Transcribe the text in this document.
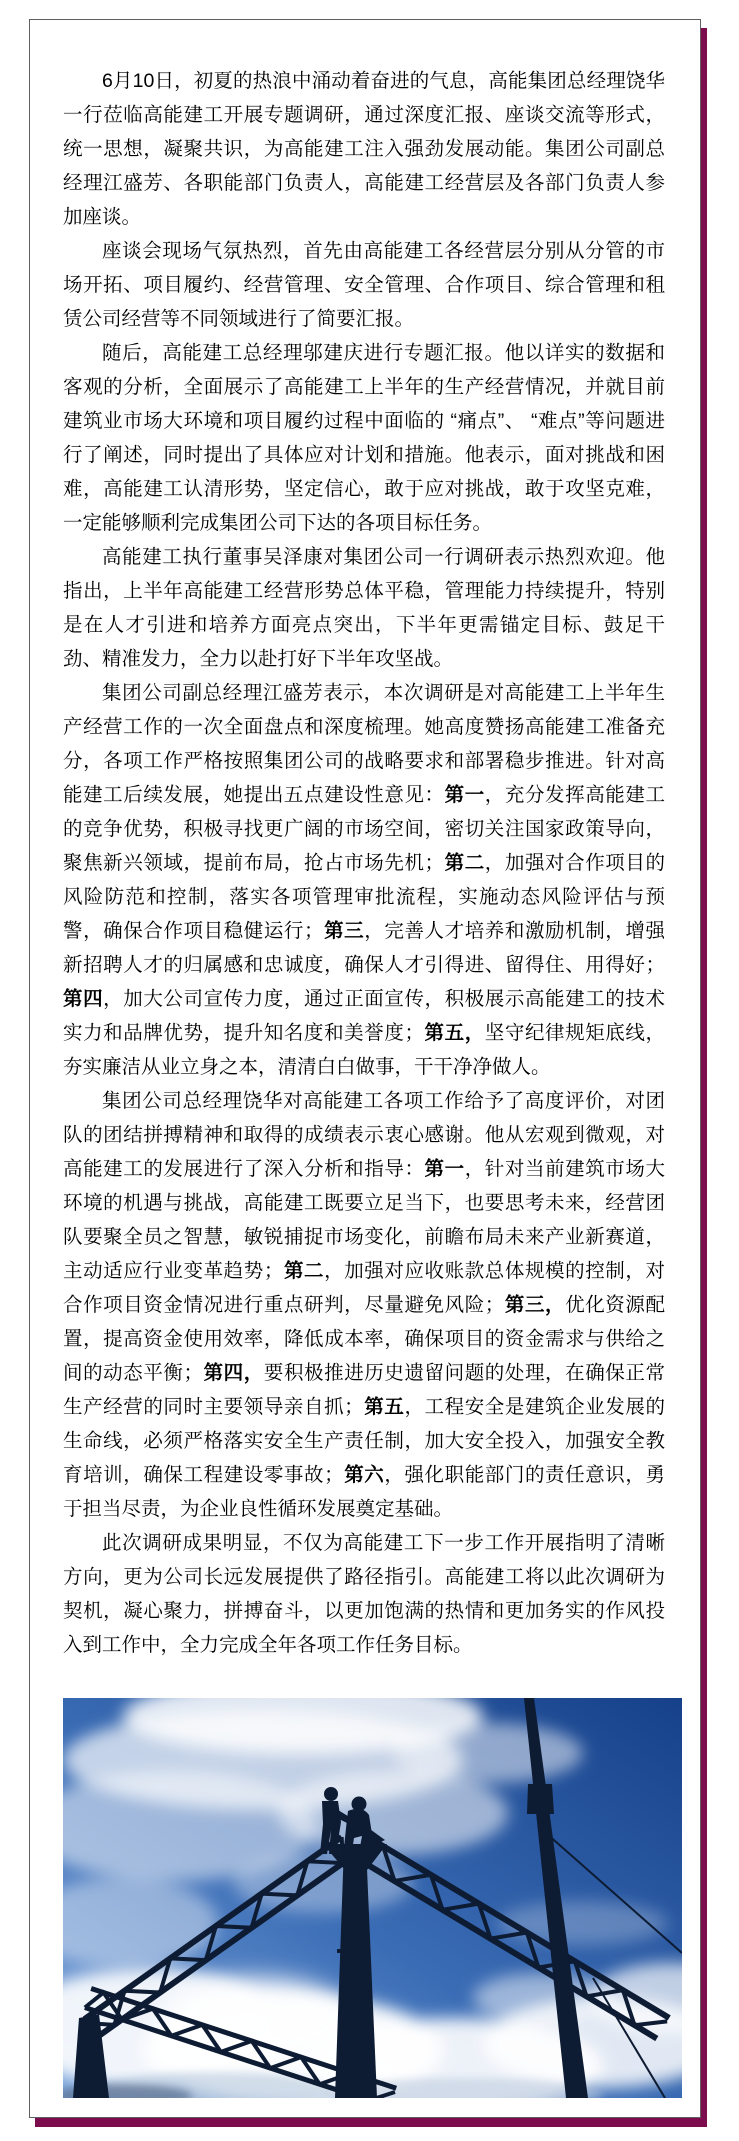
6月10日，初夏的热浪中涌动着奋进的气息，高能集团总经理饶华一行莅临高能建工开展专题调研，通过深度汇报、座谈交流等形式，统一思想，凝聚共识，为高能建工注入强劲发展动能。集团公司副总经理江盛芳、各职能部门负责人，高能建工经营层及各部门负责人参加座谈。

座谈会现场气氛热烈，首先由高能建工各经营层分别从分管的市场开拓、项目履约、经营管理、安全管理、合作项目、综合管理和租赁公司经营等不同领域进行了简要汇报。

随后，高能建工总经理邬建庆进行专题汇报。他以详实的数据和客观的分析，全面展示了高能建工上半年的生产经营情况，并就目前建筑业市场大环境和项目履约过程中面临的 “痛点”、 “难点”等问题进行了阐述，同时提出了具体应对计划和措施。他表示，面对挑战和困难，高能建工认清形势，坚定信心，敢于应对挑战，敢于攻坚克难，一定能够顺利完成集团公司下达的各项目标任务。

高能建工执行董事吴泽康对集团公司一行调研表示热烈欢迎。他指出，上半年高能建工经营形势总体平稳，管理能力持续提升，特别是在人才引进和培养方面亮点突出，下半年更需锚定目标、鼓足干劲、精准发力，全力以赴打好下半年攻坚战。

集团公司副总经理江盛芳表示，本次调研是对高能建工上半年生产经营工作的一次全面盘点和深度梳理。她高度赞扬高能建工准备充分，各项工作严格按照集团公司的战略要求和部署稳步推进。针对高能建工后续发展，她提出五点建设性意见：第一，充分发挥高能建工的竞争优势，积极寻找更广阔的市场空间，密切关注国家政策导向，聚焦新兴领域，提前布局，抢占市场先机；第二，加强对合作项目的风险防范和控制，落实各项管理审批流程，实施动态风险评估与预警，确保合作项目稳健运行；第三，完善人才培养和激励机制，增强新招聘人才的归属感和忠诚度，确保人才引得进、留得住、用得好；第四，加大公司宣传力度，通过正面宣传，积极展示高能建工的技术实力和品牌优势，提升知名度和美誉度；第五，坚守纪律规矩底线，夯实廉洁从业立身之本，清清白白做事，干干净净做人。

集团公司总经理饶华对高能建工各项工作给予了高度评价，对团队的团结拼搏精神和取得的成绩表示衷心感谢。他从宏观到微观，对高能建工的发展进行了深入分析和指导：第一，针对当前建筑市场大环境的机遇与挑战，高能建工既要立足当下，也要思考未来，经营团队要聚全员之智慧，敏锐捕捉市场变化，前瞻布局未来产业新赛道，主动适应行业变革趋势；第二，加强对应收账款总体规模的控制，对合作项目资金情况进行重点研判，尽量避免风险；第三，优化资源配置，提高资金使用效率，降低成本率，确保项目的资金需求与供给之间的动态平衡；第四，要积极推进历史遗留问题的处理，在确保正常生产经营的同时主要领导亲自抓；第五，工程安全是建筑企业发展的生命线，必须严格落实安全生产责任制，加大安全投入，加强安全教育培训，确保工程建设零事故；第六，强化职能部门的责任意识，勇于担当尽责，为企业良性循环发展奠定基础。

此次调研成果明显，不仅为高能建工下一步工作开展指明了清晰方向，更为公司长远发展提供了路径指引。高能建工将以此次调研为契机，凝心聚力，拼搏奋斗，以更加饱满的热情和更加务实的作风投入到工作中，全力完成全年各项工作任务目标。
